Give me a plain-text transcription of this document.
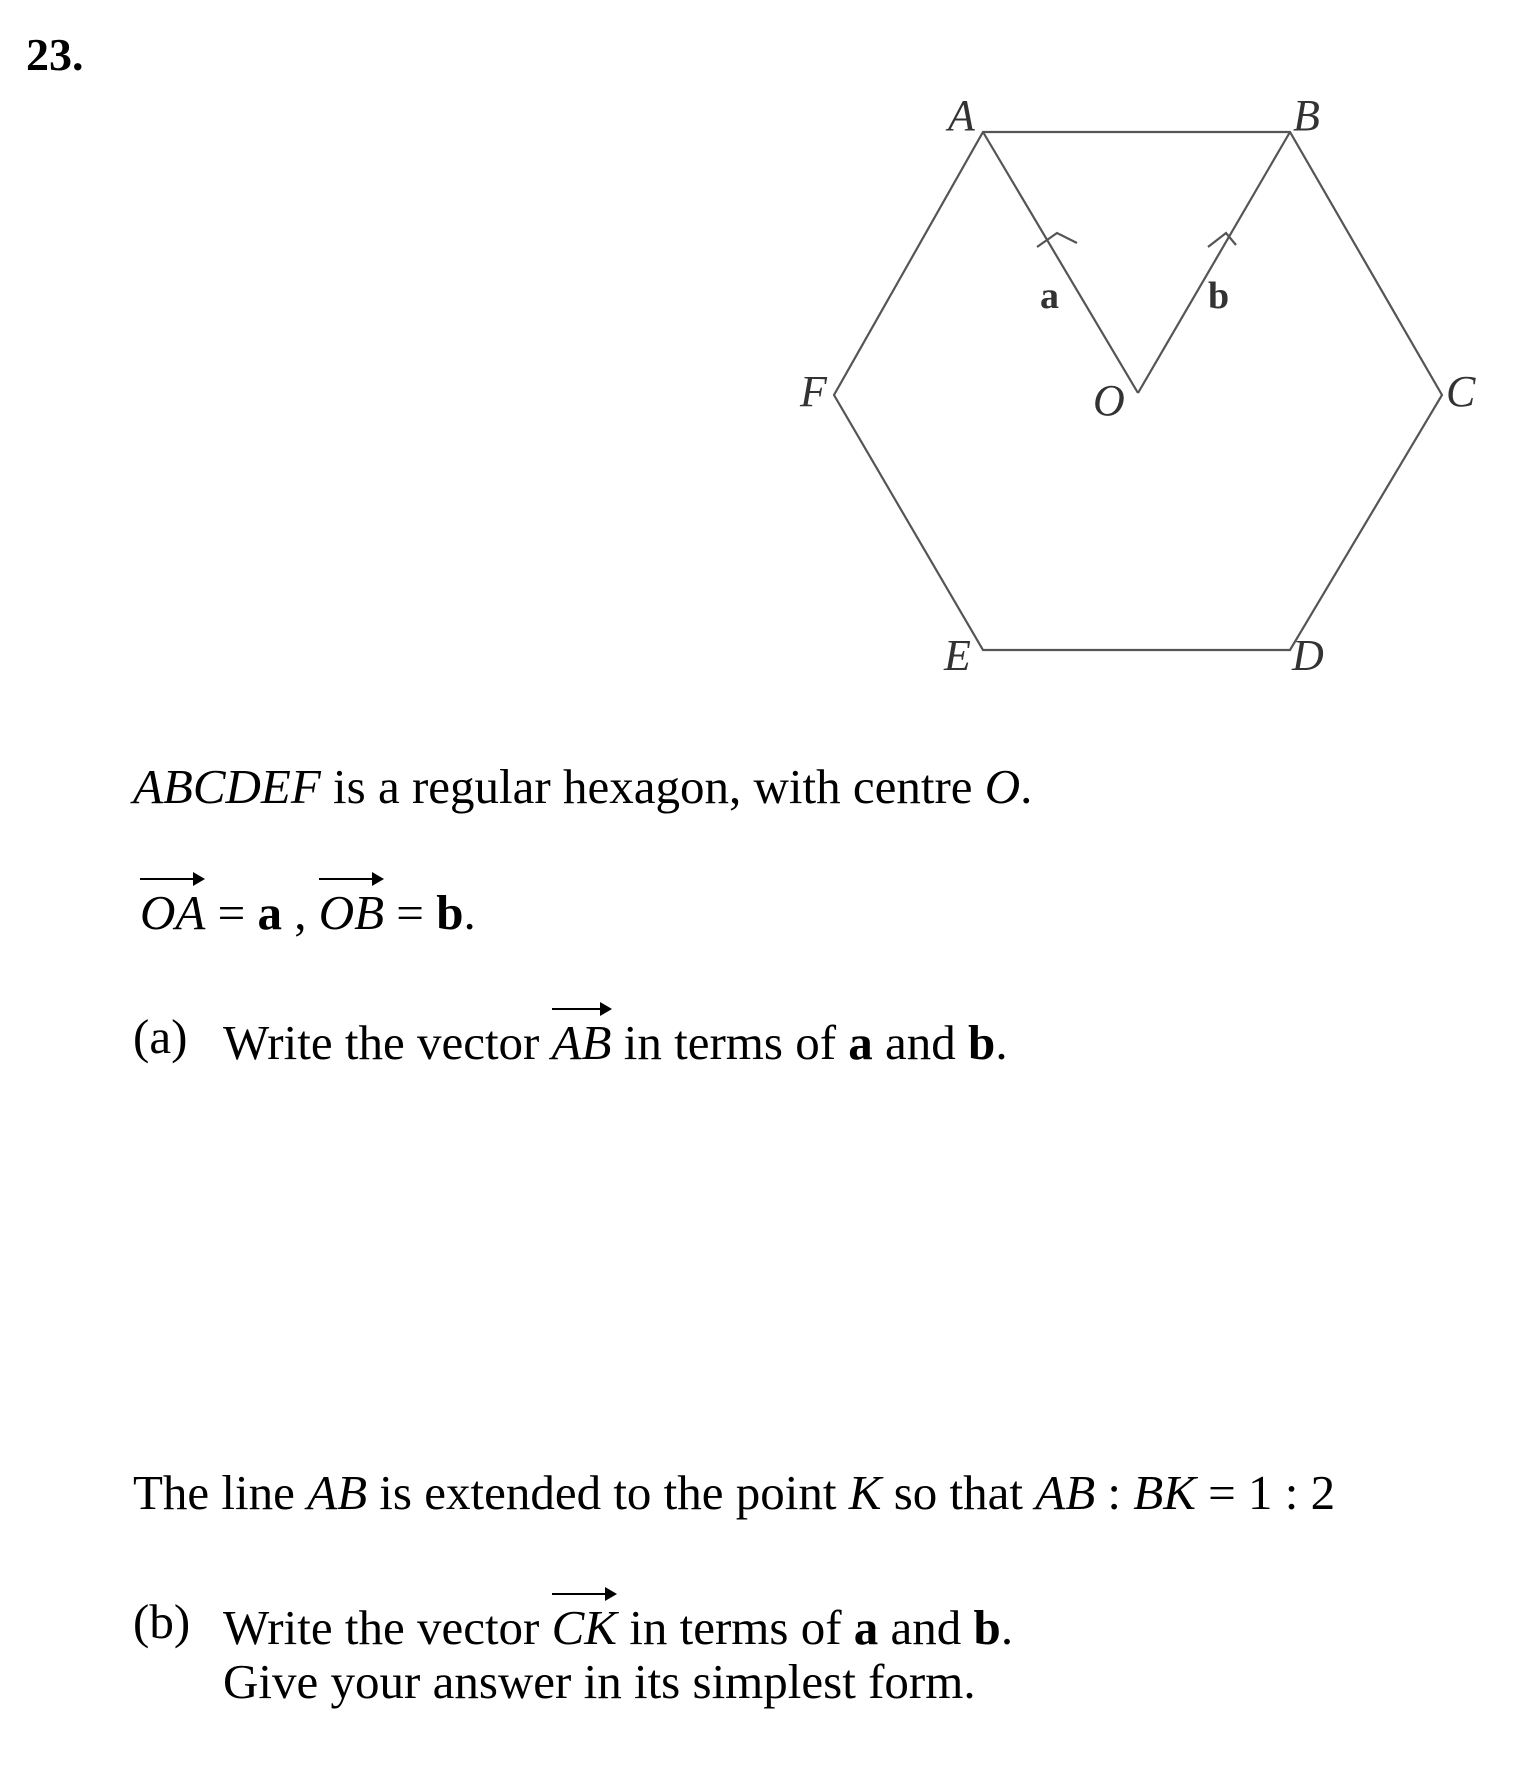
23.
A	B
C
D
E
F	O
a	b
ABCDEF is a regular hexagon, with centre O.
OA = a , OB = b.
(a) Write the vector AB in terms of a and b.
The line AB is extended to the point K so that AB : BK = 1 : 2
(b) Write the vector CK in terms of a and b.
Give your answer in its simplest form.
